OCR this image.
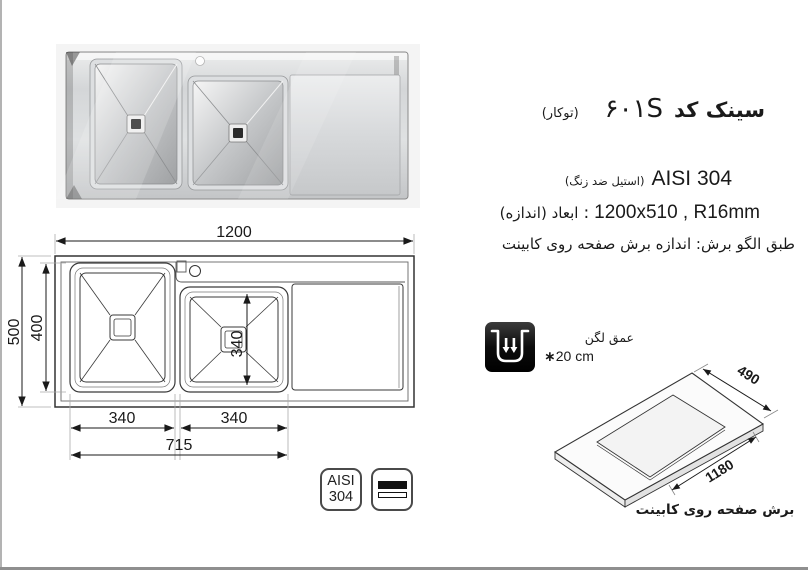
(توکار) ۶۰۱S سینک کد
(استیل ضد زنگ) AISI 304
ابعاد (اندازه) : 1200x510 , R16mm
طبق الگو برش: اندازه برش صفحه روی کابینت
1200
500 400
340
340	340
715
عمق لگن
∗20 cm
AISI
304
490
1180
برش صفحه روی کابینت
